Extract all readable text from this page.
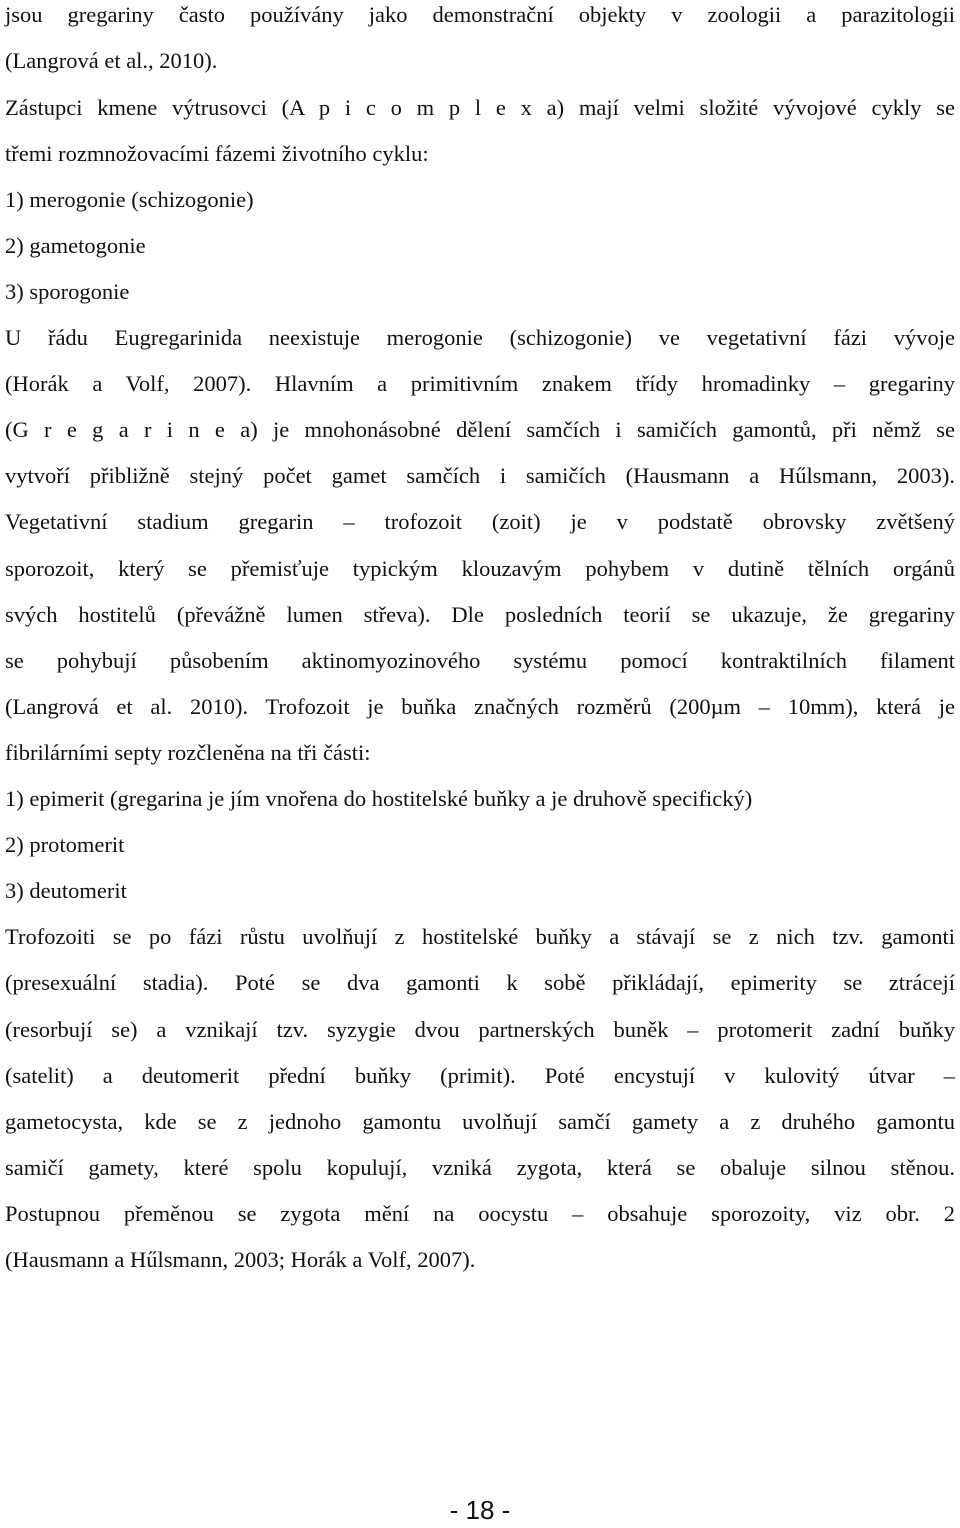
jsou gregariny často používány jako demonstrační objekty v zoologii a parazitologii
(Langrová et al., 2010).
Zástupci kmene výtrusovci (A p i c o m p l e x a) mají velmi složité vývojové cykly se
třemi rozmnožovacími fázemi životního cyklu:
1) merogonie (schizogonie)
2) gametogonie
3) sporogonie
U řádu Eugregarinida neexistuje merogonie (schizogonie) ve vegetativní fázi vývoje
(Horák a Volf, 2007). Hlavním a primitivním znakem třídy hromadinky – gregariny
(G r e g a r i n e a) je mnohonásobné dělení samčích i samičích gamontů, při němž se
vytvoří přibližně stejný počet gamet samčích i samičích (Hausmann a Hűlsmann, 2003).
Vegetativní stadium gregarin – trofozoit (zoit) je v podstatě obrovsky zvětšený
sporozoit, který se přemisťuje typickým klouzavým pohybem v dutině tělních orgánů
svých hostitelů (převážně lumen střeva). Dle posledních teorií se ukazuje, že gregariny
se pohybují působením aktinomyozinového systému pomocí kontraktilních filament
(Langrová et al. 2010). Trofozoit je buňka značných rozměrů (200µm – 10mm), která je
fibrilárními septy rozčleněna na tři části:
1) epimerit (gregarina je jím vnořena do hostitelské buňky a je druhově specifický)
2) protomerit
3) deutomerit
Trofozoiti se po fázi růstu uvolňují z hostitelské buňky a stávají se z nich tzv. gamonti
(presexuální stadia). Poté se dva gamonti k sobě přikládají, epimerity se ztrácejí
(resorbují se) a vznikají tzv. syzygie dvou partnerských buněk – protomerit zadní buňky
(satelit) a deutomerit přední buňky (primit). Poté encystují v kulovitý útvar –
gametocysta, kde se z jednoho gamontu uvolňují samčí gamety a z druhého gamontu
samičí gamety, které spolu kopulují, vzniká zygota, která se obaluje silnou stěnou.
Postupnou přeměnou se zygota mění na oocystu – obsahuje sporozoity, viz obr. 2
(Hausmann a Hűlsmann, 2003; Horák a Volf, 2007).
- 18 -
